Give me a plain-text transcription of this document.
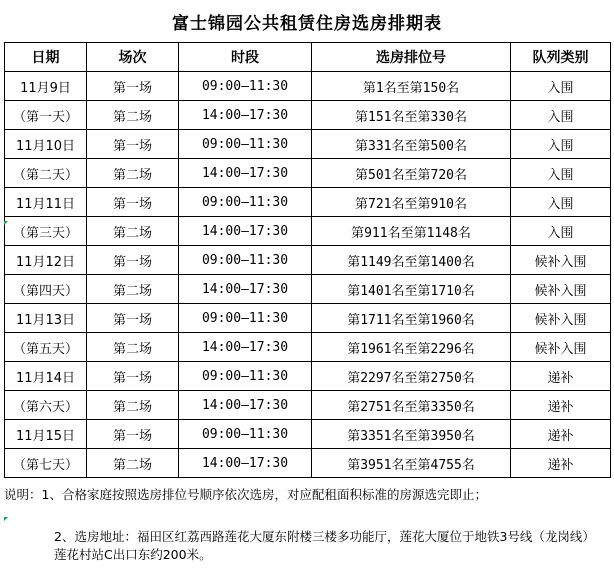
富士锦园公共租赁住房选房排期表
日期	场次	时段	选房排位号	队列类别
11月9日	第一场	09:00—11:30	第1名至第150名	入围
（第一天）	第二场	14:00—17:30	第151名至第330名	入围
11月10日	第一场	09:00—11:30	第331名至第500名	入围
（第二天）	第二场	14:00—17:30	第501名至第720名	入围
11月11日	第一场	09:00—11:30	第721名至第910名	入围
（第三天）	第二场	14:00—17:30	第911名至第1148名	入围
11月12日	第一场	09:00—11:30	第1149名至第1400名	候补入围
（第四天）	第二场	14:00—17:30	第1401名至第1710名	候补入围
11月13日	第一场	09:00—11:30	第1711名至第1960名	候补入围
（第五天）	第二场	14:00—17:30	第1961名至第2296名	候补入围
11月14日	第一场	09:00—11:30	第2297名至第2750名	递补
（第六天）	第二场	14:00—17:30	第2751名至第3350名	递补
11月15日	第一场	09:00—11:30	第3351名至第3950名	递补
（第七天）	第二场	14:00—17:30	第3951名至第4755名	递补
说明：1、合格家庭按照选房排位号顺序依次选房，对应配租面积标准的房源选完即止；
2、选房地址：福田区红荔西路莲花大厦东附楼三楼多功能厅，莲花大厦位于地铁3号线（龙岗线）莲花村站C出口东约200米。
